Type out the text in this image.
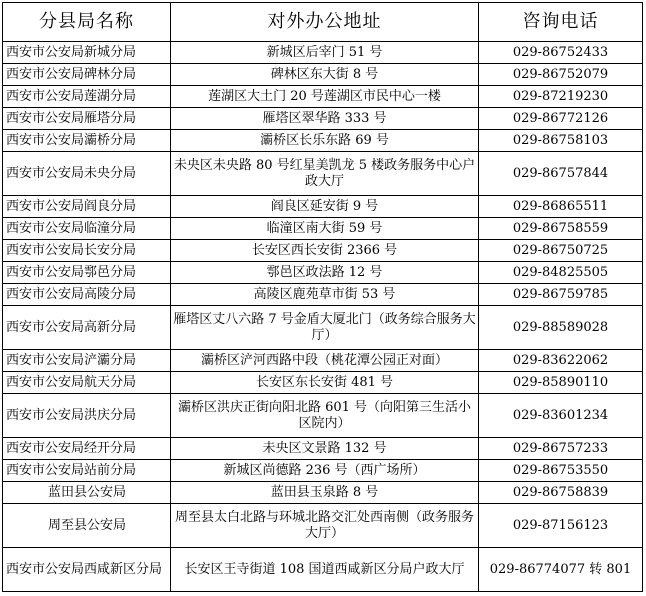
分县局名称	对外办公地址	咨询电话
西安市公安局新城分局	新城区后宰门 51 号	029-86752433
西安市公安局碑林分局	碑林区东大街 8 号	029-86752079
西安市公安局莲湖分局	莲湖区大土门 20 号莲湖区市民中心一楼	029-87219230
西安市公安局雁塔分局	雁塔区翠华路 333 号	029-86772126
西安市公安局灞桥分局	灞桥区长乐东路 69 号	029-86758103
西安市公安局未央分局	未央区未央路 80 号红星美凯龙 5 楼政务服务中心户政大厅	029-86757844
西安市公安局阎良分局	阎良区延安街 9 号	029-86865511
西安市公安局临潼分局	临潼区南大街 59 号	029-86758559
西安市公安局长安分局	长安区西长安街 2366 号	029-86750725
西安市公安局鄠邑分局	鄠邑区政法路 12 号	029-84825505
西安市公安局高陵分局	高陵区鹿苑草市街 53 号	029-86759785
西安市公安局高新分局	雁塔区丈八六路 7 号金盾大厦北门（政务综合服务大厅）	029-88589028
西安市公安局浐灞分局	灞桥区浐河西路中段（桃花潭公园正对面）	029-83622062
西安市公安局航天分局	长安区东长安街 481 号	029-85890110
西安市公安局洪庆分局	灞桥区洪庆正街向阳北路 601 号（向阳第三生活小区院内）	029-83601234
西安市公安局经开分局	未央区文景路 132 号	029-86757233
西安市公安局站前分局	新城区尚德路 236 号（西广场所）	029-86753550
蓝田县公安局	蓝田县玉泉路 8 号	029-86758839
周至县公安局	周至县太白北路与环城北路交汇处西南侧（政务服务大厅）	029-87156123
西安市公安局西咸新区分局	长安区王寺街道 108 国道西咸新区分局户政大厅	029-86774077 转 801
